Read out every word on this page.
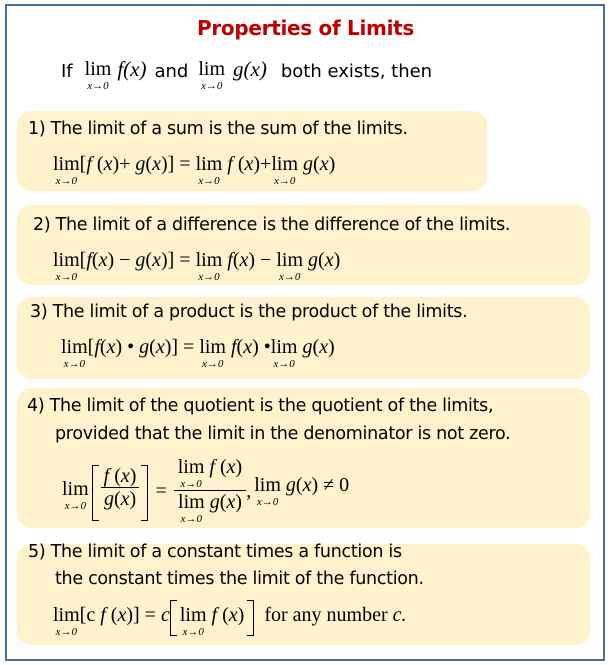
Properties of Limits
If lim
x→0
f(x) and lim
x→0
g(x) both exists, then
1) The limit of a sum is the sum of the limits.
lim
x→0
[f (x)+ g(x)] = lim
x→0
f (x)+ lim
x→0
g(x)
2) The limit of a difference is the difference of the limits.
lim
x→0
[f(x) − g(x)] = lim
x→0
f(x) − lim
x→0
g(x)
3) The limit of a product is the product of the limits.
lim
x→0
[f(x) • g(x)] = lim
x→0
f(x) • lim
x→0
g(x)
4) The limit of the quotient is the quotient of the limits,
provided that the limit in the denominator is not zero.
lim
$x\to 0 \frac{f (x)}{g(x)} = \lim$
x→0
f (x)
lim
x→0
g(x) , lim
x→0
g(x) ≠ 0
5) The limit of a constant times a function is
the constant times the limit of the function.
lim
x→0
[c f (x)] = c lim
x→0
f (x) for any number c.
